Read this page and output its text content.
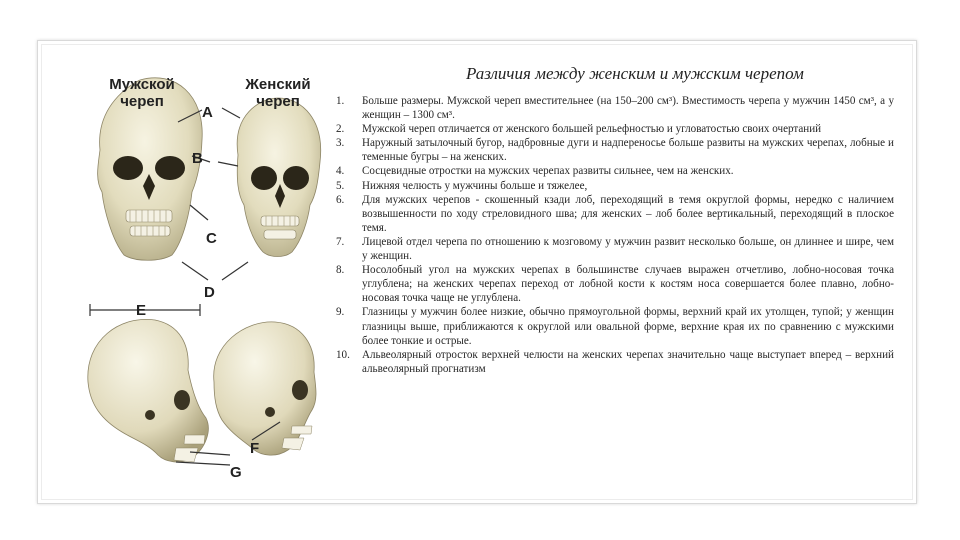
Мужской череп
Женский череп
A
B
C
D
E
F
G
Различия между женским и мужским черепом
1. Больше размеры. Мужской череп вместительнее (на 150–200 см³). Вместимость черепа у мужчин 1450 см³, а у женщин – 1300 см³.
2. Мужской череп отличается от женского большей рельефностью и угловатостью своих очертаний
3. Наружный затылочный бугор, надбровные дуги и надпереносье больше развиты на мужских черепах, лобные и теменные бугры – на женских.
4. Сосцевидные отростки на мужских черепах развиты сильнее, чем на женских.
5. Нижняя челюсть у мужчины больше и тяжелее,
6. Для мужских черепов - скошенный кзади лоб, переходящий в темя округлой формы, нередко с наличием возвышенности по ходу стреловидного шва; для женских – лоб более вертикальный, переходящий в плоское темя.
7. Лицевой отдел черепа по отношению к мозговому у мужчин развит несколько больше, он длиннее и шире, чем у женщин.
8. Носолобный угол на мужских черепах в большинстве случаев выражен отчетливо, лобно-носовая точка углублена; на женских черепах переход от лобной кости к костям носа совершается более плавно, лобно-носовая точка чаще не углублена.
9. Глазницы у мужчин более низкие, обычно прямоугольной формы, верхний край их утолщен, тупой; у женщин глазницы выше, приближаются к округлой или овальной форме, верхние края их по сравнению с мужскими более тонкие и острые.
10. Альвеолярный отросток верхней челюсти на женских черепах значительно чаще выступает вперед – верхний альвеолярный прогнатизм
